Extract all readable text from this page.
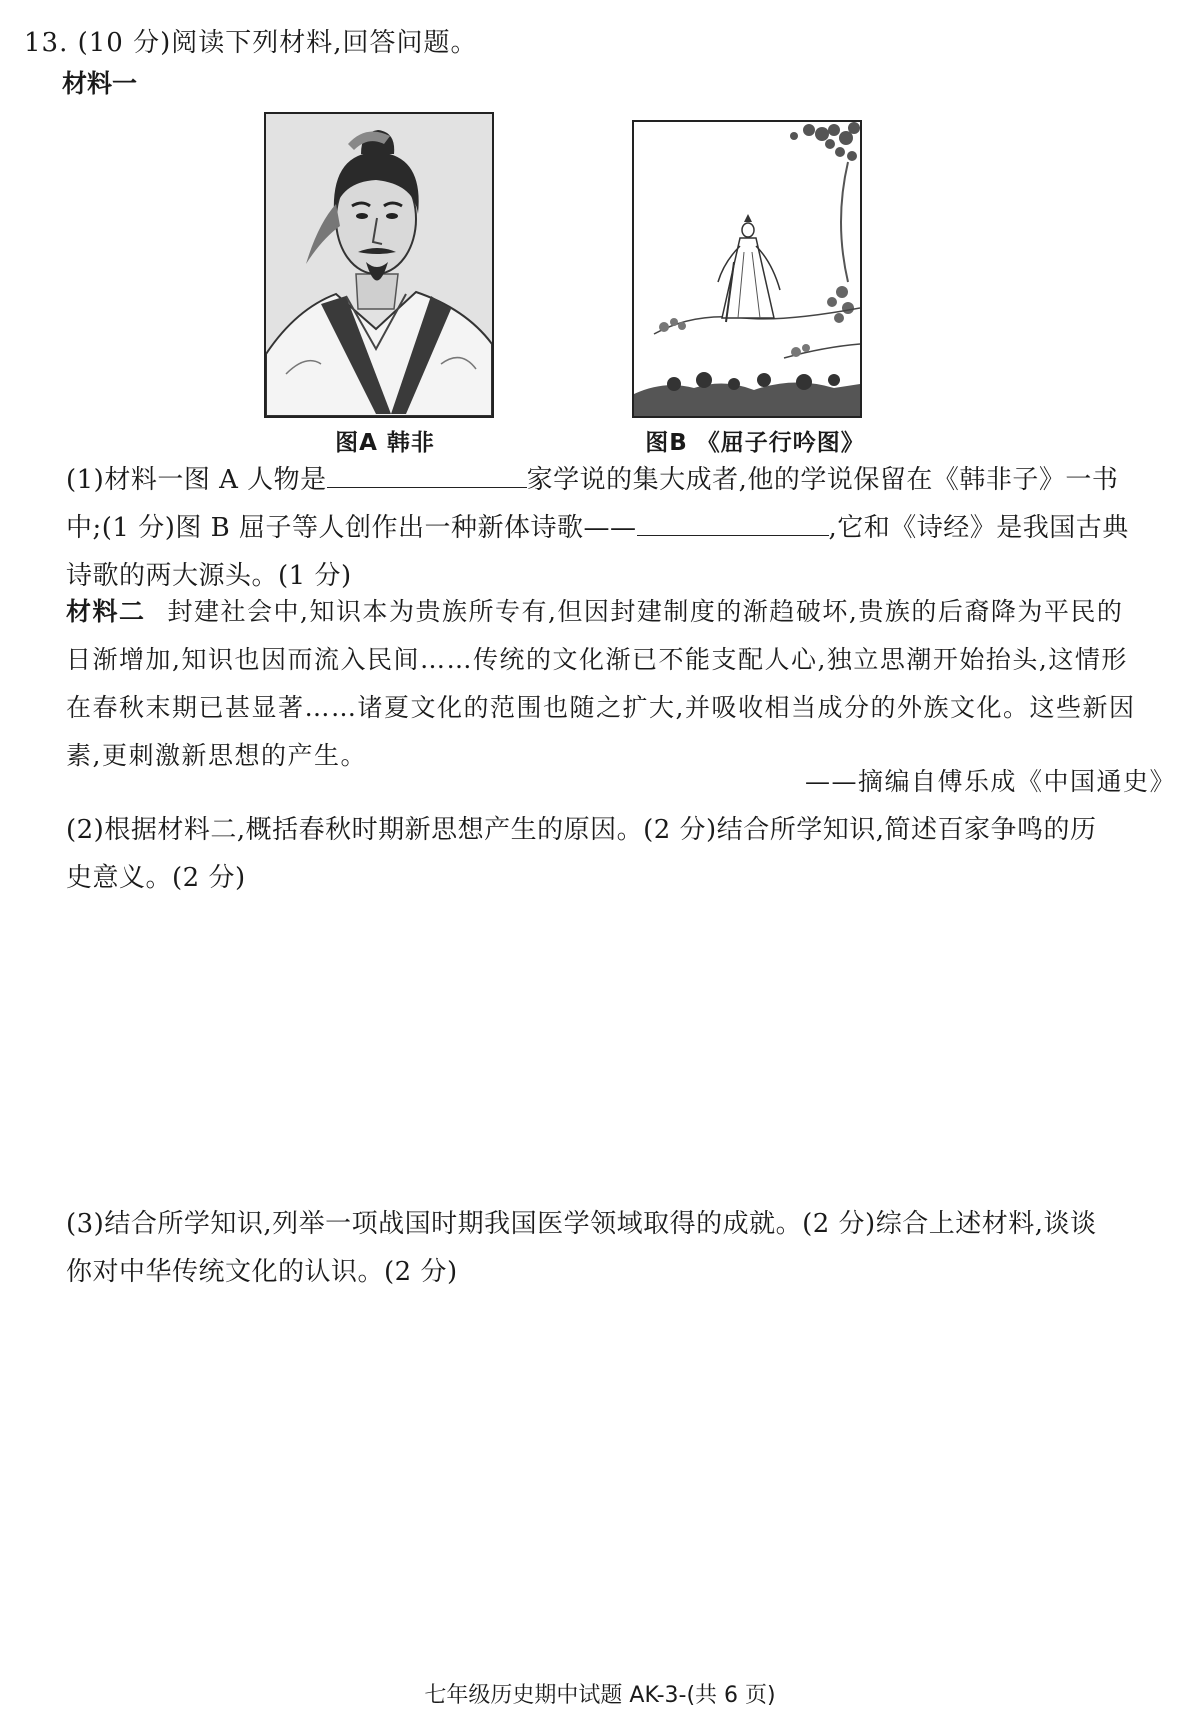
13. (10 分)阅读下列材料,回答问题。
材料一
图A 韩非	图B 《屈子行吟图》
(1)材料一图 A 人物是	家学说的集大成者,他的学说保留在《韩非子》一书
中;(1 分)图 B 屈子等人创作出一种新体诗歌——	,它和《诗经》是我国古典
诗歌的两大源头。(1 分)
材料二 封建社会中,知识本为贵族所专有,但因封建制度的渐趋破坏,贵族的后裔降为平民的
日渐增加,知识也因而流入民间……传统的文化渐已不能支配人心,独立思潮开始抬头,这情形
在春秋末期已甚显著……诸夏文化的范围也随之扩大,并吸收相当成分的外族文化。这些新因
素,更刺激新思想的产生。
——摘编自傅乐成《中国通史》
(2)根据材料二,概括春秋时期新思想产生的原因。(2 分)结合所学知识,简述百家争鸣的历
史意义。(2 分)
(3)结合所学知识,列举一项战国时期我国医学领域取得的成就。(2 分)综合上述材料,谈谈
你对中华传统文化的认识。(2 分)
七年级历史期中试题 AK-3-(共 6 页)
